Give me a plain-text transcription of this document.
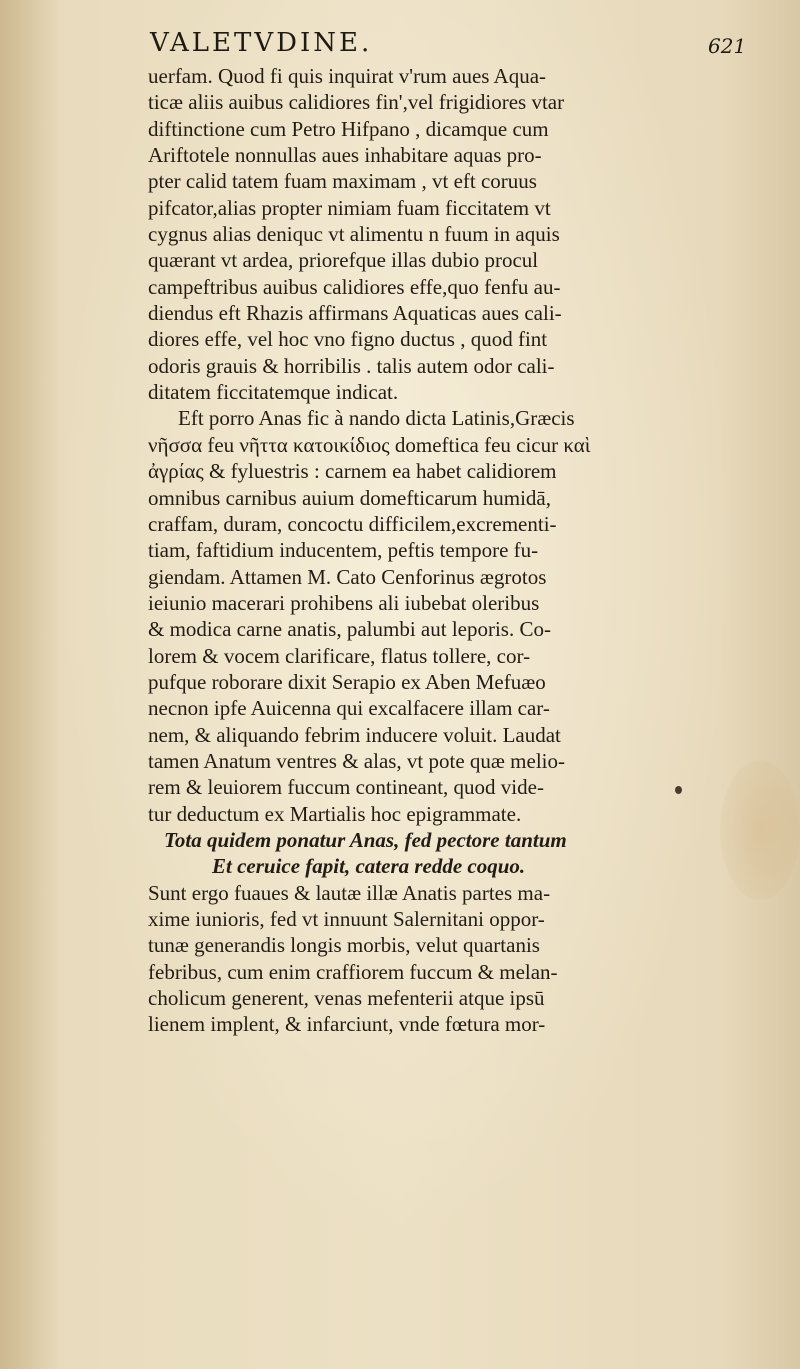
VALETVDINE.	621
uerfam. Quod fi quis inquirat v'rum aues Aqua-
ticæ aliis auibus calidiores fin',vel frigidiores vtar
diftinctione cum Petro Hifpano , dicamque cum
Ariftotele nonnullas aues inhabitare aquas pro-
pter calid tatem fuam maximam , vt eft coruus
pifcator,alias propter nimiam fuam ficcitatem vt
cygnus alias deniquc vt alimentu n fuum in aquis
quærant vt ardea, priorefque illas dubio procul
campeftribus auibus calidiores effe,quo fenfu au-
diendus eft Rhazis affirmans Aquaticas aues cali-
diores effe, vel hoc vno figno ductus , quod fint
odoris grauis & horribilis . talis autem odor cali-
ditatem ficcitatemque indicat.
Eft porro Anas fic à nando dicta Latinis,Græcis
νῆσσα feu νῆττα κατοικίδιος domeftica feu cicur καὶ
ἀγρίας & fyluestris : carnem ea habet calidiorem
omnibus carnibus auium domefticarum humidā,
craffam, duram, concoctu difficilem,excrementi-
tiam, faftidium inducentem, peftis tempore fu-
giendam. Attamen M. Cato Cenforinus ægrotos
ieiunio macerari prohibens ali iubebat oleribus
& modica carne anatis, palumbi aut leporis. Co-
lorem & vocem clarificare, flatus tollere, cor-
pufque roborare dixit Serapio ex Aben Mefuæo
necnon ipfe Auicenna qui excalfacere illam car-
nem, & aliquando febrim inducere voluit. Laudat
tamen Anatum ventres & alas, vt pote quæ melio-
rem & leuiorem fuccum contineant, quod vide-
tur deductum ex Martialis hoc epigrammate.
Tota quidem ponatur Anas, fed pectore tantum
Et ceruice fapit, catera redde coquo.
Sunt ergo fuaues & lautæ illæ Anatis partes ma-
xime iunioris, fed vt innuunt Salernitani oppor-
tunæ generandis longis morbis, velut quartanis
febribus, cum enim craffiorem fuccum & melan-
cholicum generent, venas mefenterii atque ipsū
lienem implent, & infarciunt, vnde fœtura mor-
